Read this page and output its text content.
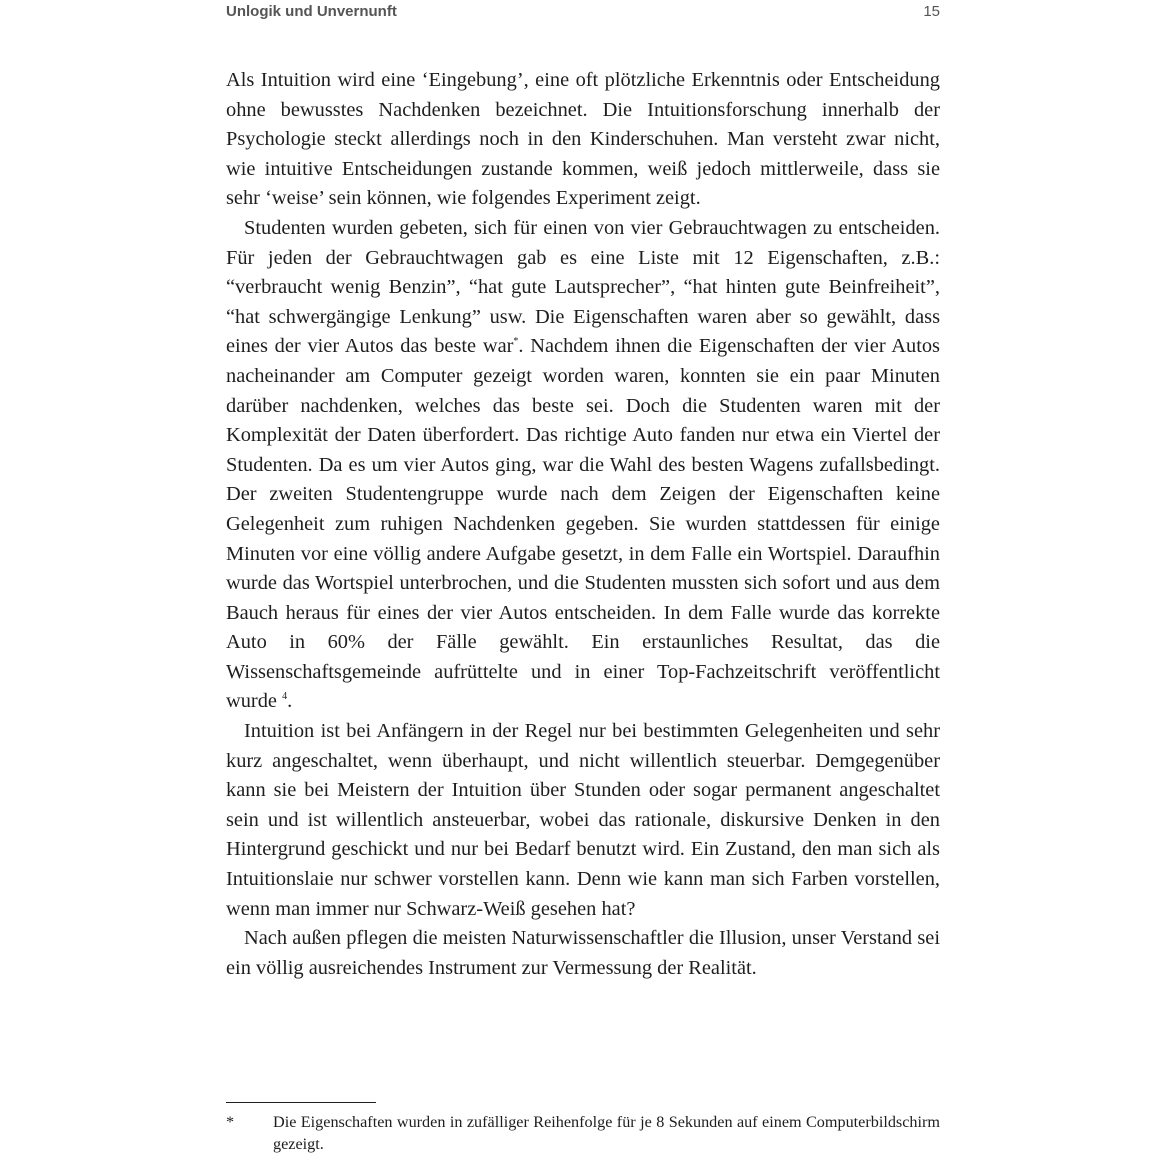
Unlogik und Unvernunft	15

Als Intuition wird eine ‘Eingebung’, eine oft plötzliche Erkenntnis oder Entscheidung ohne bewusstes Nachdenken bezeichnet. Die Intuitionsforschung innerhalb der Psychologie steckt allerdings noch in den Kinderschuhen. Man versteht zwar nicht, wie intuitive Entscheidungen zustande kommen, weiß jedoch mittlerweile, dass sie sehr ‘weise’ sein können, wie folgendes Experiment zeigt.

Studenten wurden gebeten, sich für einen von vier Gebrauchtwagen zu entscheiden. Für jeden der Gebrauchtwagen gab es eine Liste mit 12 Eigenschaften, z.B.: “verbraucht wenig Benzin”, “hat gute Lautsprecher”, “hat hinten gute Beinfreiheit”, “hat schwergängige Lenkung” usw. Die Eigenschaften waren aber so gewählt, dass eines der vier Autos das beste war*. Nachdem ihnen die Eigenschaften der vier Autos nacheinander am Computer gezeigt worden waren, konnten sie ein paar Minuten darüber nachdenken, welches das beste sei. Doch die Studenten waren mit der Komplexität der Daten überfordert. Das richtige Auto fanden nur etwa ein Viertel der Studenten. Da es um vier Autos ging, war die Wahl des besten Wagens zufallsbedingt. Der zweiten Studentengruppe wurde nach dem Zeigen der Eigenschaften keine Gelegenheit zum ruhigen Nachdenken gegeben. Sie wurden stattdessen für einige Minuten vor eine völlig andere Aufgabe gesetzt, in dem Falle ein Wortspiel. Daraufhin wurde das Wortspiel unterbrochen, und die Studenten mussten sich sofort und aus dem Bauch heraus für eines der vier Autos entscheiden. In dem Falle wurde das korrekte Auto in 60% der Fälle gewählt. Ein erstaunliches Resultat, das die Wissenschaftsgemeinde aufrüttelte und in einer Top-Fachzeitschrift veröffentlicht wurde $^4$.

Intuition ist bei Anfängern in der Regel nur bei bestimmten Gelegenheiten und sehr kurz angeschaltet, wenn überhaupt, und nicht willentlich steuerbar. Demgegenüber kann sie bei Meistern der Intuition über Stunden oder sogar permanent angeschaltet sein und ist willentlich ansteuerbar, wobei das rationale, diskursive Denken in den Hintergrund geschickt und nur bei Bedarf benutzt wird. Ein Zustand, den man sich als Intuitionslaie nur schwer vorstellen kann. Denn wie kann man sich Farben vorstellen, wenn man immer nur Schwarz-Weiß gesehen hat?

Nach außen pflegen die meisten Naturwissenschaftler die Illusion, unser Verstand sei ein völlig ausreichendes Instrument zur Vermessung der Realität.

* Die Eigenschaften wurden in zufälliger Reihenfolge für je 8 Sekunden auf einem Computerbildschirm gezeigt.
